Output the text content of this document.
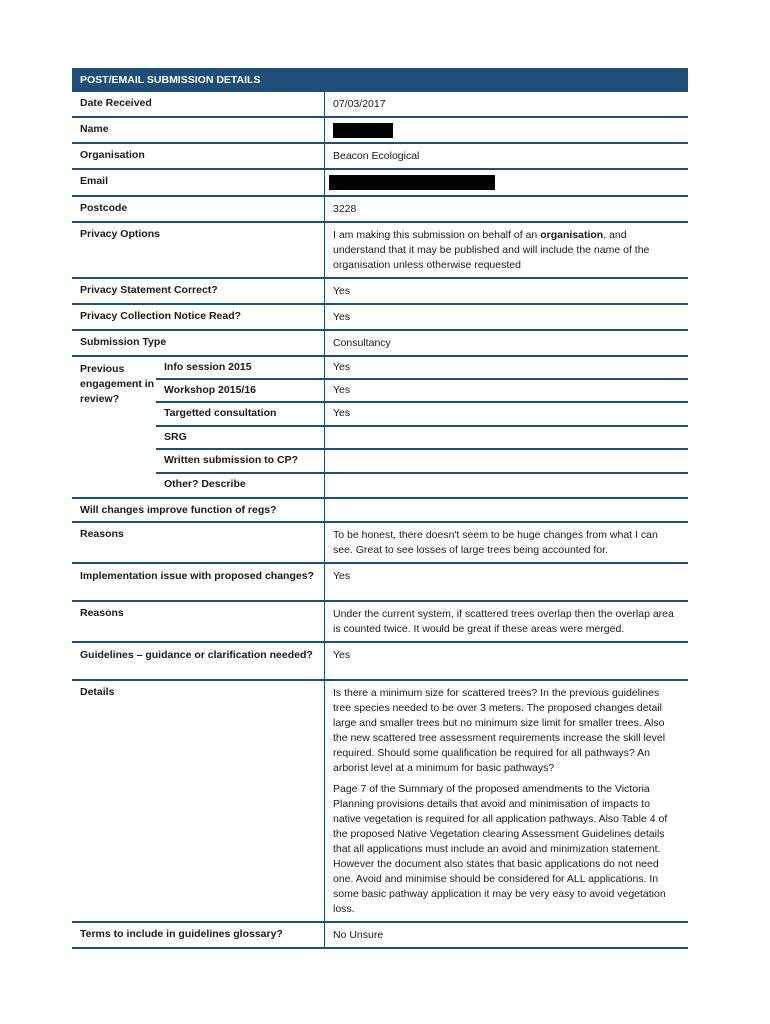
POST/EMAIL SUBMISSION DETAILS
Date Received	07/03/2017
Name
Organisation	Beacon Ecological
Email
Postcode	3228
Privacy Options	I am making this submission on behalf of an organisation, and understand that it may be published and will include the name of the organisation unless otherwise requested
Privacy Statement Correct?	Yes
Privacy Collection Notice Read?	Yes
Submission Type	Consultancy
Previous engagement in review?
Info session 2015	Yes
Workshop 2015/16	Yes
Targetted consultation	Yes
SRG
Written submission to CP?
Other? Describe
Will changes improve function of regs?
Reasons	To be honest, there doesn't seem to be huge changes from what I can see. Great to see losses of large trees being accounted for.
Implementation issue with proposed changes?	Yes
Reasons	Under the current system, if scattered trees overlap then the overlap area is counted twice. It would be great if these areas were merged.
Guidelines – guidance or clarification needed?	Yes
Details	Is there a minimum size for scattered trees? In the previous guidelines tree species needed to be over 3 meters. The proposed changes detail large and smaller trees but no minimum size limit for smaller trees. Also the new scattered tree assessment requirements increase the skill level required. Should some qualification be required for all pathways? An arborist level at a minimum for basic pathways?

Page 7 of the Summary of the proposed amendments to the Victoria Planning provisions details that avoid and minimisation of impacts to native vegetation is required for all application pathways. Also Table 4 of the proposed Native Vegetation clearing Assessment Guidelines details that all applications must include an avoid and minimization statement. However the document also states that basic applications do not need one. Avoid and minimise should be considered for ALL applications. In some basic pathway application it may be very easy to avoid vegetation loss.

Terms to include in guidelines glossary?	No Unsure
